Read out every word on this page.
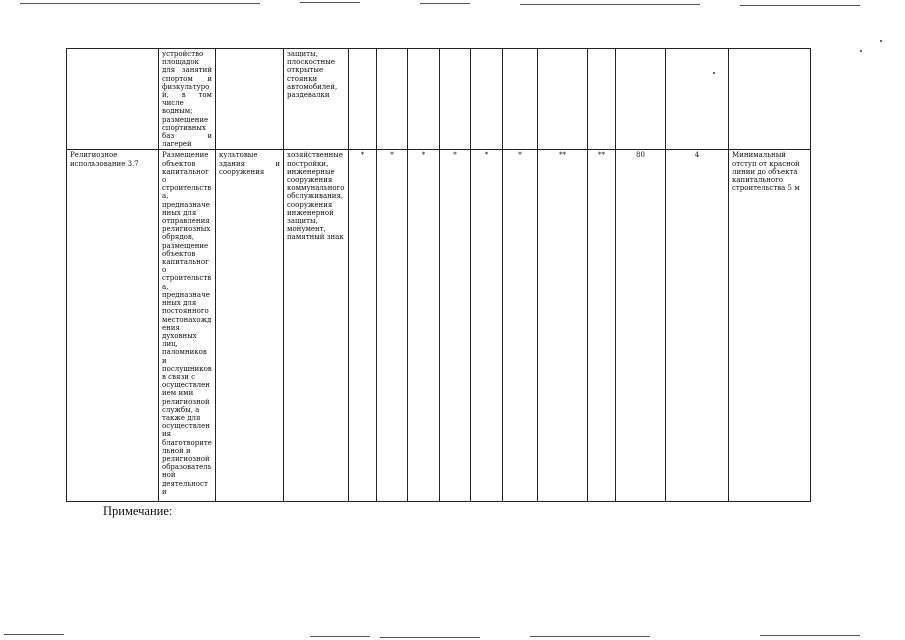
	устройство площадок для занятий спортом и физкультурой, в том числе водным; размещение спортивных баз и лагерей		защиты, плоскостные открытые стоянки автомобилей, раздевалки											
Религиозное использование 3.7	Размещение объектов капитального строительства, предназначенных для отправления религиозных обрядов, размещение объектов капитального строительства, предназначенных для постоянного местонахождения духовных лиц, паломников и послушников в связи с осуществлением ими религиозной службы, а также для осуществления благотворительной и религиозной образовательной деятельности	культовые здания и сооружения	хозяйственные постройки, инженерные сооружения коммунального обслуживания, сооружения инженерной защиты, монумент, памятный знак	*	*	*	*	*	*	**	**	80	4	Минимальный отступ от красной линии до объекта капитального строительства 5 м
Примечание:
